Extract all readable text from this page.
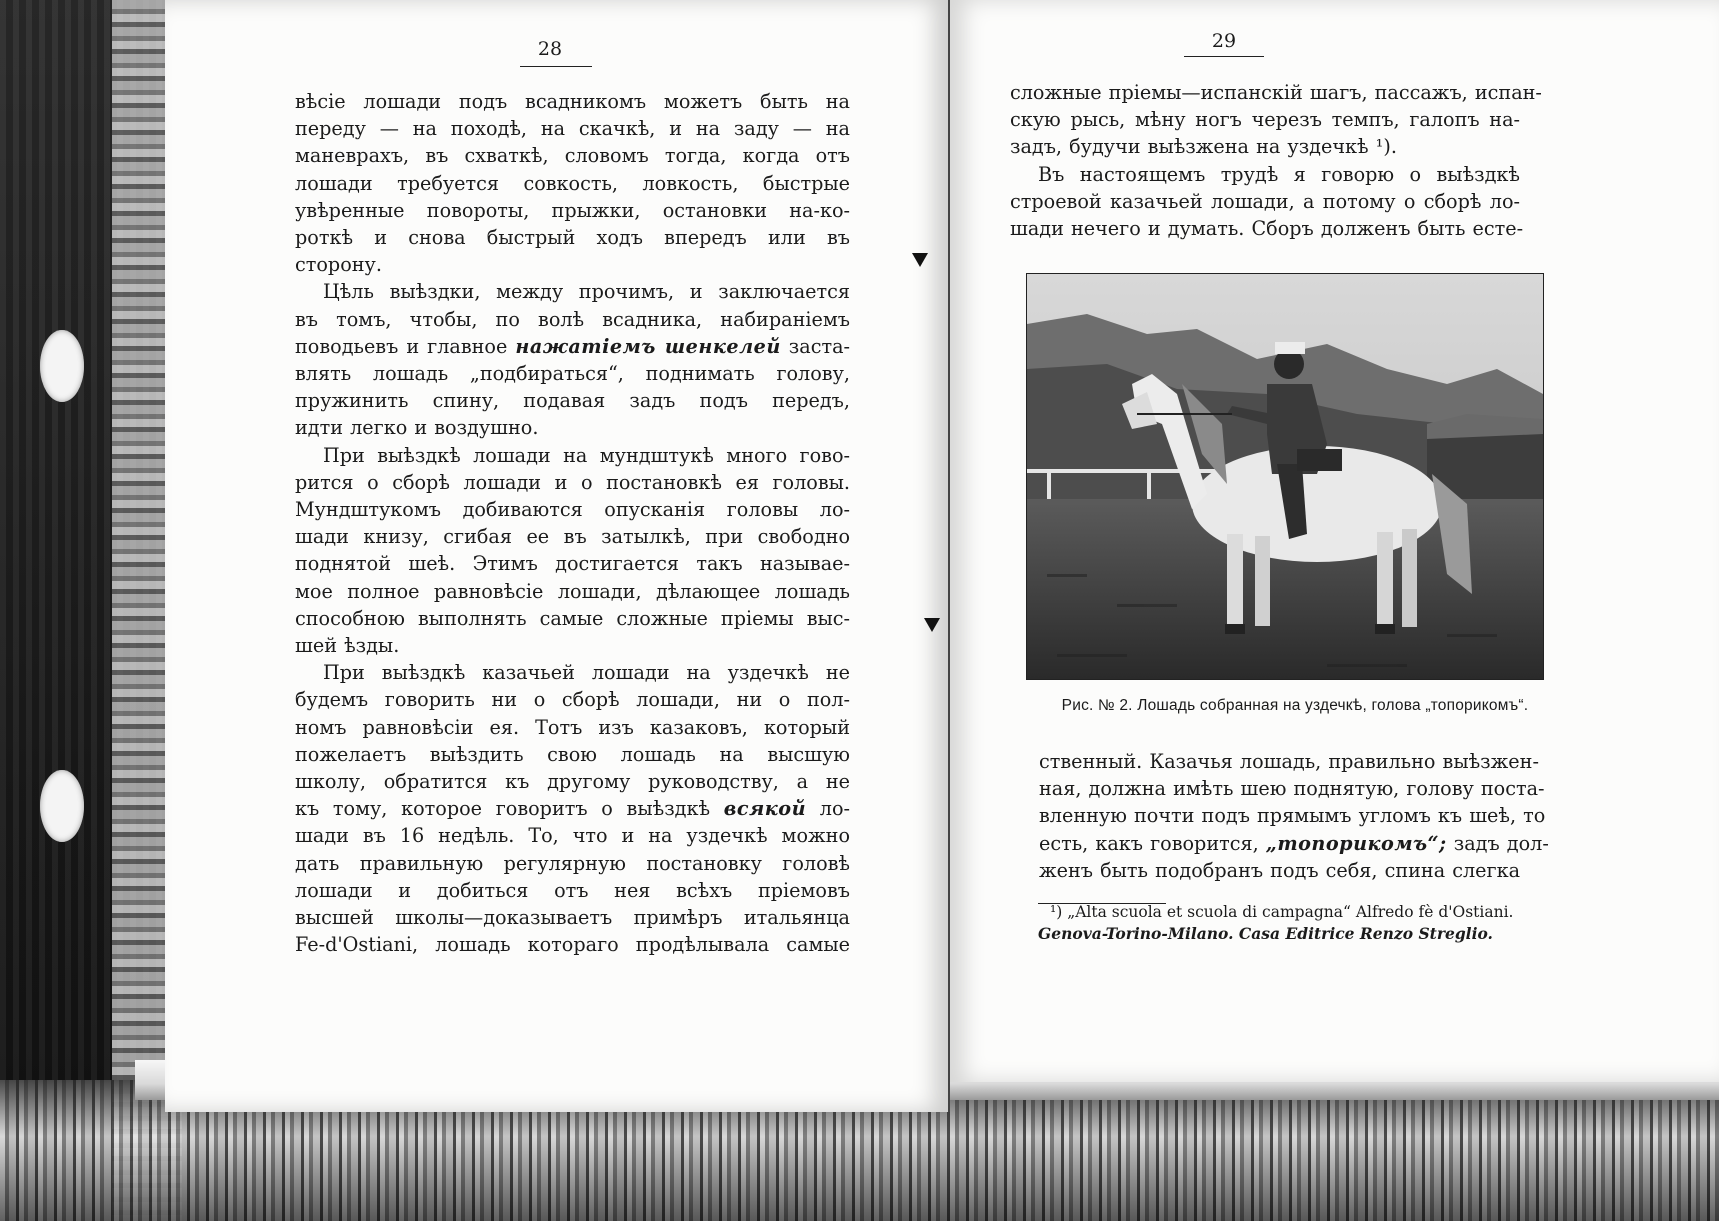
28
вѣсіе лошади подъ всадникомъ можетъ быть на
переду — на походѣ, на скачкѣ, и на заду — на
маневрахъ, въ схваткѣ, словомъ тогда, когда отъ
лошади требуется совкость, ловкость, быстрые
увѣренные повороты, прыжки, остановки на-ко-
роткѣ и снова быстрый ходъ впередъ или въ
сторону.
Цѣль выѣздки, между прочимъ, и заключается
въ томъ, чтобы, по волѣ всадника, набираніемъ
поводьевъ и главное нажатіемъ шенкелей заста-
влять лошадь „подбираться“, поднимать голову,
пружинить спину, подавая задъ подъ передъ,
идти легко и воздушно.
При выѣздкѣ лошади на мундштукѣ много гово-
рится о сборѣ лошади и о постановкѣ ея головы.
Мундштукомъ добиваются опусканія головы ло-
шади книзу, сгибая ее въ затылкѣ, при свободно
поднятой шеѣ. Этимъ достигается такъ называе-
мое полное равновѣсіе лошади, дѣлающее лошадь
способною выполнять самые сложные пріемы выс-
шей ѣзды.
При выѣздкѣ казачьей лошади на уздечкѣ не
будемъ говорить ни о сборѣ лошади, ни о пол-
номъ равновѣсіи ея. Тотъ изъ казаковъ, который
пожелаетъ выѣздить свою лошадь на высшую
школу, обратится къ другому руководству, а не
къ тому, которое говоритъ о выѣздкѣ всякой ло-
шади въ 16 недѣль. То, что и на уздечкѣ можно
дать правильную регулярную постановку головѣ
лошади и добиться отъ нея всѣхъ пріемовъ
высшей школы—доказываетъ примѣръ итальянца
Fe-d'Ostiani, лошадь котораго продѣлывала самые
29
сложные пріемы—испанскій шагъ, пассажъ, испан-
скую рысь, мѣну ногъ черезъ темпъ, галопъ на-
задъ, будучи выѣзжена на уздечкѣ ¹).
Въ настоящемъ трудѣ я говорю о выѣздкѣ
строевой казачьей лошади, а потому о сборѣ ло-
шади нечего и думать. Сборъ долженъ быть есте-
ственный. Казачья лошадь, правильно выѣзжен-
ная, должна имѣть шею поднятую, голову поста-
вленную почти подъ прямымъ угломъ къ шеѣ, то
есть, какъ говорится, „топорикомъ“; задъ дол-
женъ быть подобранъ подъ себя, спина слегка
Рис. № 2. Лошадь собранная на уздечкѣ, голова „топорикомъ“.
¹) „Alta scuola et scuola di campagna“ Alfredo fè d'Ostiani.
Genova-Torino-Milano. Casa Editrice Renzo Streglio.
